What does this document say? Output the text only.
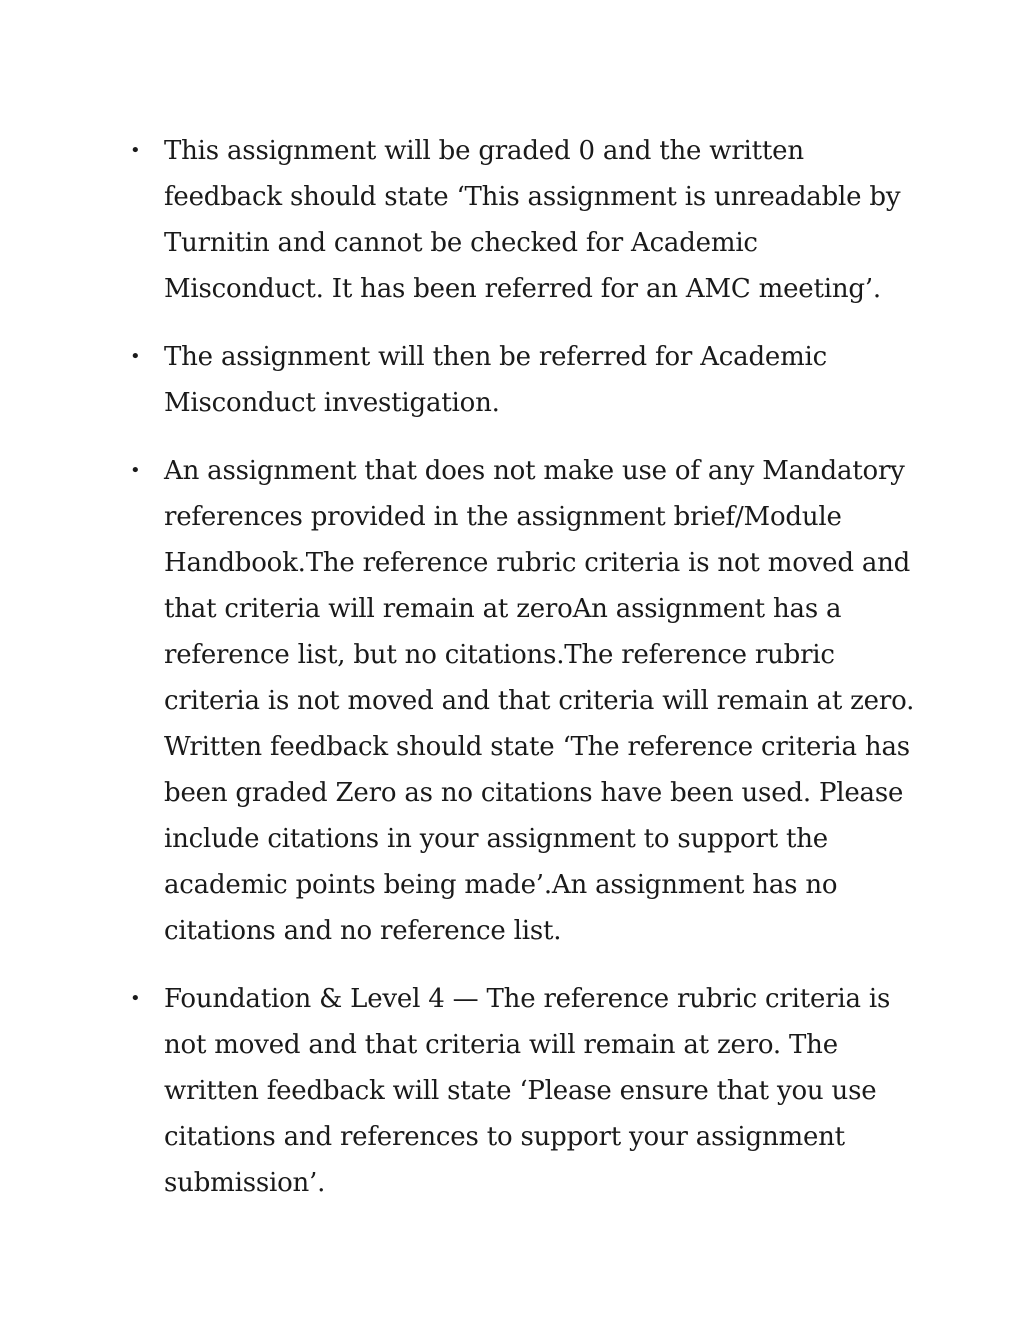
• This assignment will be graded 0 and the written feedback should state ‘This assignment is unreadable by Turnitin and cannot be checked for Academic Misconduct. It has been referred for an AMC meeting’.
• The assignment will then be referred for Academic Misconduct investigation.
• An assignment that does not make use of any Mandatory references provided in the assignment brief/Module Handbook.The reference rubric criteria is not moved and that criteria will remain at zeroAn assignment has a reference list, but no citations.The reference rubric criteria is not moved and that criteria will remain at zero. Written feedback should state ‘The reference criteria has been graded Zero as no citations have been used. Please include citations in your assignment to support the academic points being made’.An assignment has no citations and no reference list.
• Foundation & Level 4 — The reference rubric criteria is not moved and that criteria will remain at zero. The written feedback will state ‘Please ensure that you use citations and references to support your assignment submission’.
